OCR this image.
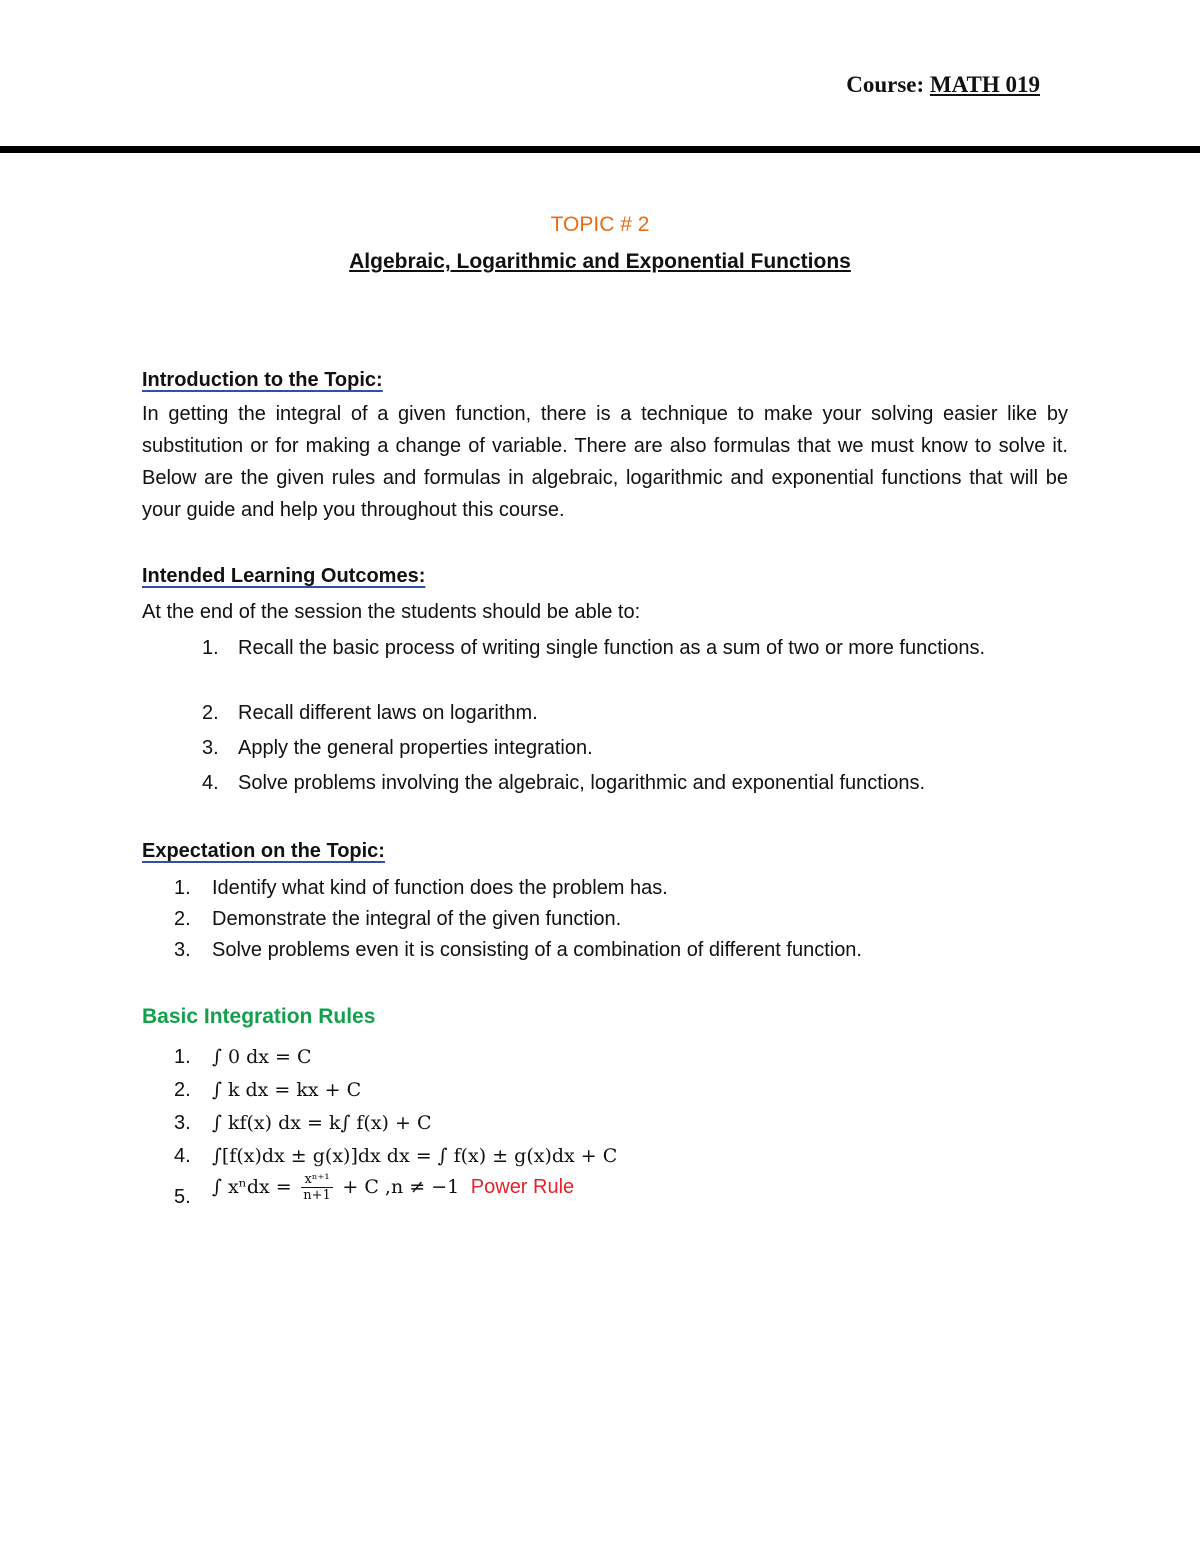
Course: MATH 019
TOPIC # 2
Algebraic, Logarithmic and Exponential Functions
Introduction to the Topic:
In getting the integral of a given function, there is a technique to make your solving easier like by substitution or for making a change of variable. There are also formulas that we must know to solve it. Below are the given rules and formulas in algebraic, logarithmic and exponential functions that will be your guide and help you throughout this course.
Intended Learning Outcomes:
At the end of the session the students should be able to:
1. Recall the basic process of writing single function as a sum of two or more functions.
2. Recall different laws on logarithm.
3. Apply the general properties integration.
4. Solve problems involving the algebraic, logarithmic and exponential functions.
Expectation on the Topic:
1. Identify what kind of function does the problem has.
2. Demonstrate the integral of the given function.
3. Solve problems even it is consisting of a combination of different function.
Basic Integration Rules
1. ∫ 0 dx = C
2. ∫ k dx = kx + C
3. ∫ kf(x) dx = k∫ f(x) + C
4. ∫[f(x)dx ± g(x)]dx dx = ∫ f(x) ± g(x)dx + C
5. ∫ $x^ndx = \frac{\text{xⁿ⁺¹}}{n+1} + C$ ,n ≠ −1 Power Rule
